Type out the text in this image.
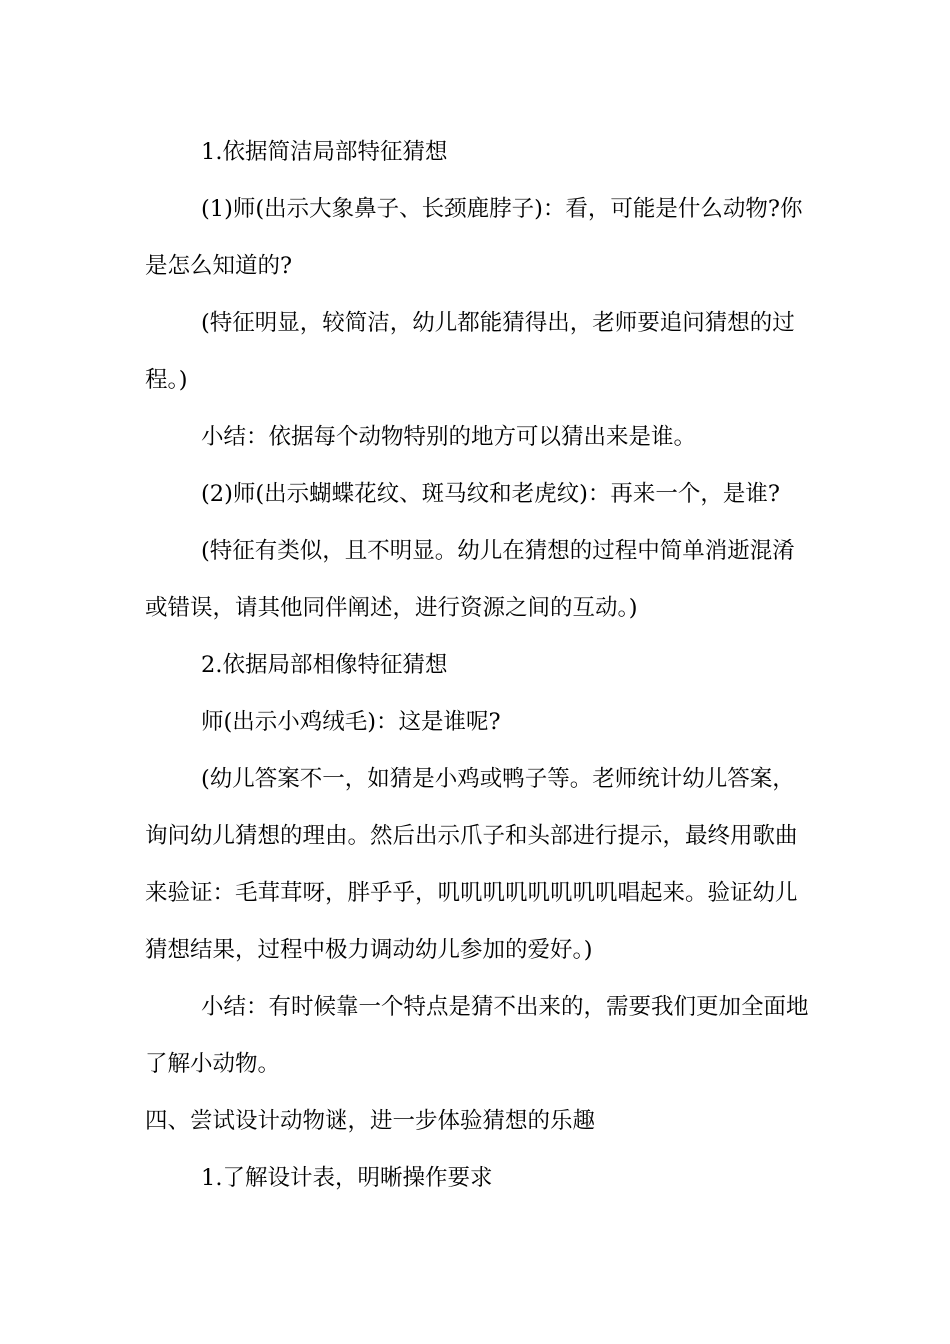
1.依据简洁局部特征猜想
(1)师(出示大象鼻子、长颈鹿脖子)：看，可能是什么动物?你
是怎么知道的?
(特征明显，较简洁，幼儿都能猜得出，老师要追问猜想的过
程。)
小结：依据每个动物特别的地方可以猜出来是谁。
(2)师(出示蝴蝶花纹、斑马纹和老虎纹)：再来一个，是谁?
(特征有类似，且不明显。幼儿在猜想的过程中简单消逝混淆
或错误，请其他同伴阐述，进行资源之间的互动。)
2.依据局部相像特征猜想
师(出示小鸡绒毛)：这是谁呢?
(幼儿答案不一，如猜是小鸡或鸭子等。老师统计幼儿答案，
询问幼儿猜想的理由。然后出示爪子和头部进行提示，最终用歌曲
来验证：毛茸茸呀，胖乎乎，叽叽叽叽叽叽叽叽唱起来。验证幼儿
猜想结果，过程中极力调动幼儿参加的爱好。)
小结：有时候靠一个特点是猜不出来的，需要我们更加全面地
了解小动物。
四、尝试设计动物谜，进一步体验猜想的乐趣
1.了解设计表，明晰操作要求
